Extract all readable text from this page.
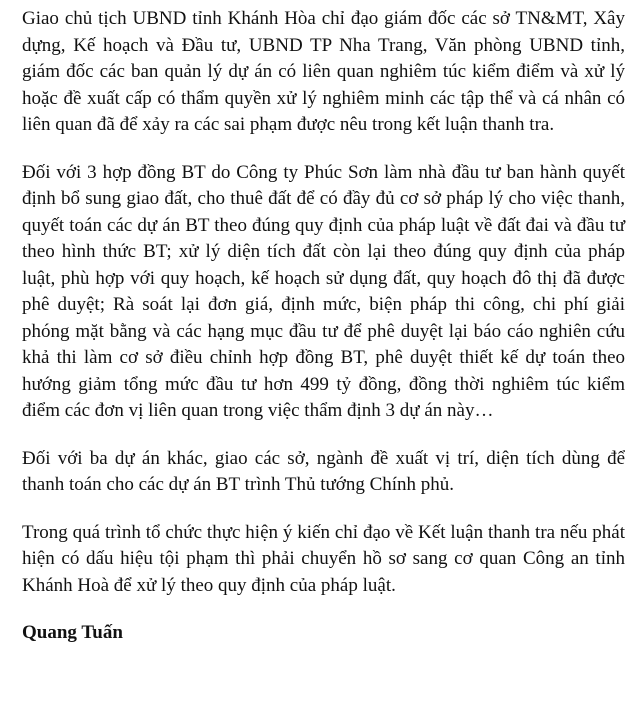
Giao chủ tịch UBND tỉnh Khánh Hòa chỉ đạo giám đốc các sở TN&MT, Xây dựng, Kế hoạch và Đầu tư, UBND TP Nha Trang, Văn phòng UBND tỉnh, giám đốc các ban quản lý dự án có liên quan nghiêm túc kiểm điểm và xử lý hoặc đề xuất cấp có thẩm quyền xử lý nghiêm minh các tập thể và cá nhân có liên quan đã để xảy ra các sai phạm được nêu trong kết luận thanh tra.

Đối với 3 hợp đồng BT do Công ty Phúc Sơn làm nhà đầu tư ban hành quyết định bổ sung giao đất, cho thuê đất để có đầy đủ cơ sở pháp lý cho việc thanh, quyết toán các dự án BT theo đúng quy định của pháp luật về đất đai và đầu tư theo hình thức BT; xử lý diện tích đất còn lại theo đúng quy định của pháp luật, phù hợp với quy hoạch, kế hoạch sử dụng đất, quy hoạch đô thị đã được phê duyệt; Rà soát lại đơn giá, định mức, biện pháp thi công, chi phí giải phóng mặt bằng và các hạng mục đầu tư để phê duyệt lại báo cáo nghiên cứu khả thi làm cơ sở điều chỉnh hợp đồng BT, phê duyệt thiết kế dự toán theo hướng giảm tổng mức đầu tư hơn 499 tỷ đồng, đồng thời nghiêm túc kiểm điểm các đơn vị liên quan trong việc thẩm định 3 dự án này…

Đối với ba dự án khác, giao các sở, ngành đề xuất vị trí, diện tích dùng để thanh toán cho các dự án BT trình Thủ tướng Chính phủ.

Trong quá trình tổ chức thực hiện ý kiến chỉ đạo về Kết luận thanh tra nếu phát hiện có dấu hiệu tội phạm thì phải chuyển hồ sơ sang cơ quan Công an tỉnh Khánh Hoà để xử lý theo quy định của pháp luật.

Quang Tuấn
